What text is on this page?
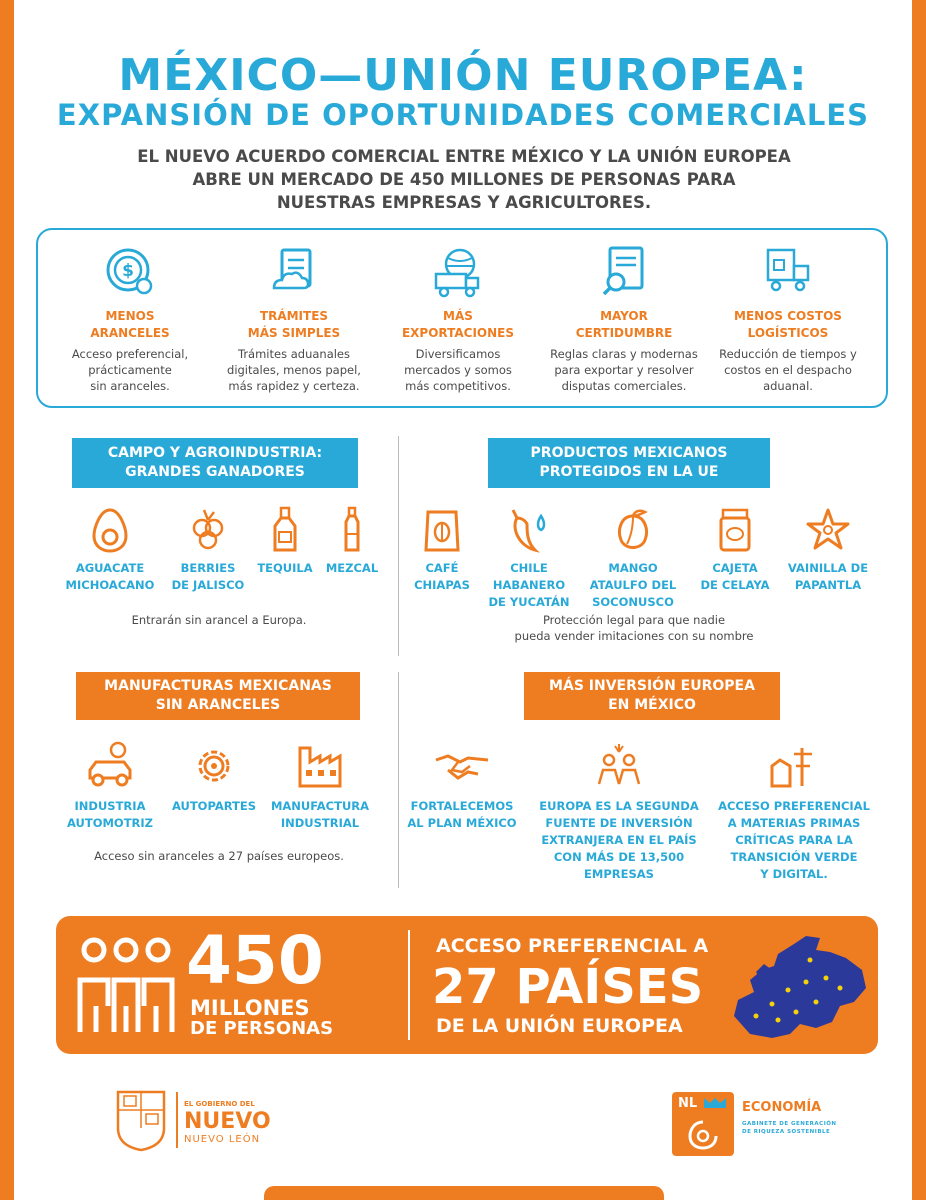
MÉXICO—UNIÓN EUROPEA:
EXPANSIÓN DE OPORTUNIDADES COMERCIALES
EL NUEVO ACUERDO COMERCIAL ENTRE MÉXICO Y LA UNIÓN EUROPEA
ABRE UN MERCADO DE 450 MILLONES DE PERSONAS PARA
NUESTRAS EMPRESAS Y AGRICULTORES.
$
MENOS
ARANCELES
Acceso preferencial,
prácticamente
sin aranceles.
TRÁMITES
MÁS SIMPLES
Trámites aduanales
digitales, menos papel,
más rapidez y certeza.
MÁS
EXPORTACIONES
Diversificamos
mercados y somos
más competitivos.
MAYOR
CERTIDUMBRE
Reglas claras y modernas
para exportar y resolver
disputas comerciales.
MENOS COSTOS
LOGÍSTICOS
Reducción de tiempos y
costos en el despacho
aduanal.
CAMPO Y AGROINDUSTRIA:
GRANDES GANADORES
AGUACATE
MICHOACANO
BERRIES
DE JALISCO
TEQUILA	MEZCAL
Entrarán sin arancel a Europa.
PRODUCTOS MEXICANOS
PROTEGIDOS EN LA UE
CAFÉ
CHIAPAS
CHILE
HABANERO
DE YUCATÁN
MANGO
ATAULFO DEL
SOCONUSCO
CAJETA
DE CELAYA
VAINILLA DE
PAPANTLA
Protección legal para que nadie
pueda vender imitaciones con su nombre
MANUFACTURAS MEXICANAS
SIN ARANCELES
INDUSTRIA
AUTOMOTRIZ
AUTOPARTES	MANUFACTURA
INDUSTRIAL
Acceso sin aranceles a 27 países europeos.
MÁS INVERSIÓN EUROPEA
EN MÉXICO
FORTALECEMOS
AL PLAN MÉXICO
EUROPA ES LA SEGUNDA
FUENTE DE INVERSIÓN
EXTRANJERA EN EL PAÍS
CON MÁS DE 13,500 EMPRESAS
ACCESO PREFERENCIAL
A MATERIAS PRIMAS
CRÍTICAS PARA LA
TRANSICIÓN VERDE
Y DIGITAL.
450
MILLONES
DE PERSONAS
ACCESO PREFERENCIAL A
27 PAÍSES
DE LA UNIÓN EUROPEA
EL GOBIERNO DEL
NUEVO
NUEVO LEÓN
NL	ECONOMÍA
GABINETE DE GENERACIÓN
DE RIQUEZA SOSTENIBLE
